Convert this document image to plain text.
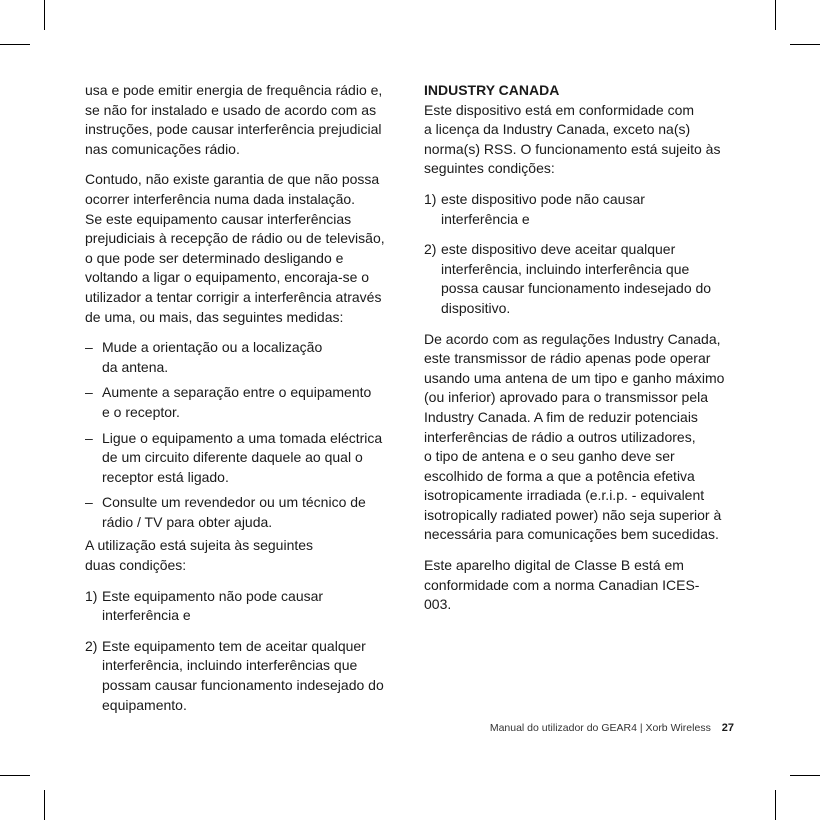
usa e pode emitir energia de frequência rádio e,
se não for instalado e usado de acordo com as
instruções, pode causar interferência prejudicial
nas comunicações rádio.
Contudo, não existe garantia de que não possa
ocorrer interferência numa dada instalação.
Se este equipamento causar interferências
prejudiciais à recepção de rádio ou de televisão,
o que pode ser determinado desligando e
voltando a ligar o equipamento, encoraja-se o
utilizador a tentar corrigir a interferência através
de uma, ou mais, das seguintes medidas:
– Mude a orientação ou a localização
da antena.
– Aumente a separação entre o equipamento
e o receptor.
– Ligue o equipamento a uma tomada eléctrica
de um circuito diferente daquele ao qual o
receptor está ligado.
– Consulte um revendedor ou um técnico de
rádio / TV para obter ajuda.
A utilização está sujeita às seguintes
duas condições:
1) Este equipamento não pode causar
interferência e
2) Este equipamento tem de aceitar qualquer
interferência, incluindo interferências que
possam causar funcionamento indesejado do
equipamento.
INDUSTRY CANADA
Este dispositivo está em conformidade com
a licença da Industry Canada, exceto na(s)
norma(s) RSS. O funcionamento está sujeito às
seguintes condições:
1) este dispositivo pode não causar
interferência e
2) este dispositivo deve aceitar qualquer
interferência, incluindo interferência que
possa causar funcionamento indesejado do
dispositivo.
De acordo com as regulações Industry Canada,
este transmissor de rádio apenas pode operar
usando uma antena de um tipo e ganho máximo
(ou inferior) aprovado para o transmissor pela
Industry Canada. A fim de reduzir potenciais
interferências de rádio a outros utilizadores,
o tipo de antena e o seu ganho deve ser
escolhido de forma a que a potência efetiva
isotropicamente irradiada (e.r.i.p. - equivalent
isotropically radiated power) não seja superior à
necessária para comunicações bem sucedidas.
Este aparelho digital de Classe B está em
conformidade com a norma Canadian ICES-
003.
Manual do utilizador do GEAR4 | Xorb Wireless 27
